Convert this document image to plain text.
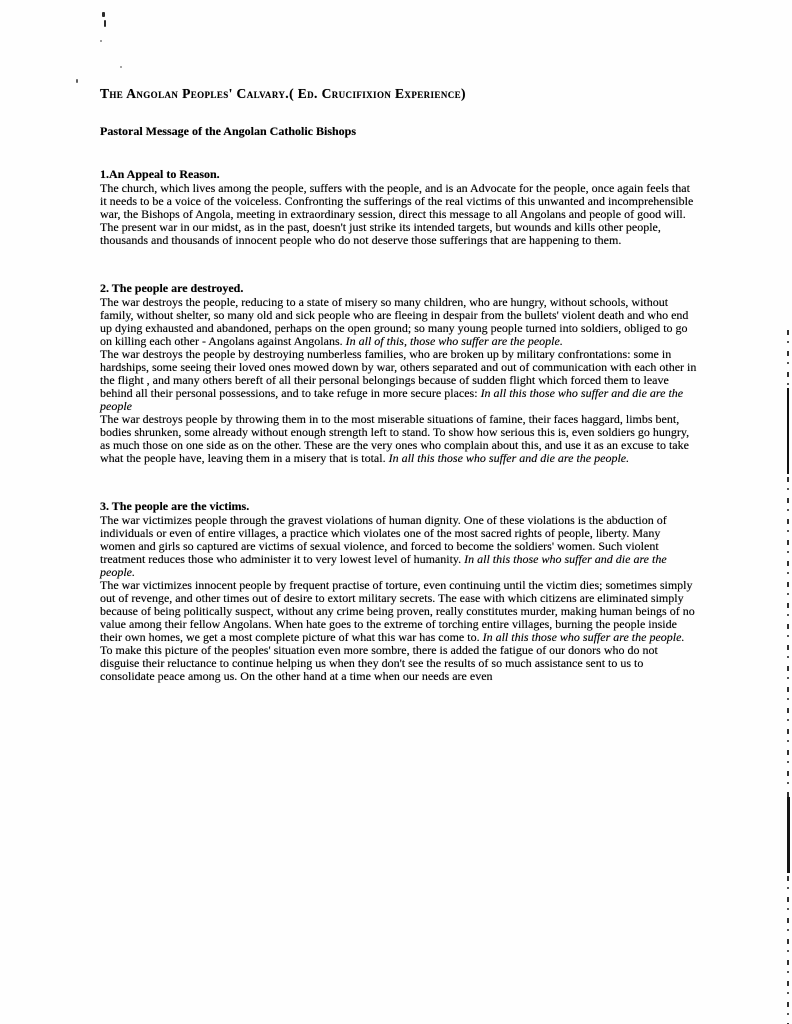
The Angolan Peoples' Calvary.( Ed. Crucifixion Experience)
Pastoral Message of the Angolan Catholic Bishops
1.An Appeal to Reason.

The church, which lives among the people, suffers with the people, and is an Advocate for the people, once again feels that it needs to be a voice of the voiceless. Confronting the sufferings of the real victims of this unwanted and incomprehensible war, the Bishops of Angola, meeting in extraordinary session, direct this message to all Angolans and people of good will.

The present war in our midst, as in the past, doesn't just strike its intended targets, but wounds and kills other people, thousands and thousands of innocent people who do not deserve those sufferings that are happening to them.

2. The people are destroyed.

The war destroys the people, reducing to a state of misery so many children, who are hungry, without schools, without family, without shelter, so many old and sick people who are fleeing in despair from the bullets' violent death and who end up dying exhausted and abandoned, perhaps on the open ground; so many young people turned into soldiers, obliged to go on killing each other - Angolans against Angolans. In all of this, those who suffer are the people.

The war destroys the people by destroying numberless families, who are broken up by military confrontations: some in hardships, some seeing their loved ones mowed down by war, others separated and out of communication with each other in the flight , and many others bereft of all their personal belongings because of sudden flight which forced them to leave behind all their personal possessions, and to take refuge in more secure places: In all this those who suffer and die are the people

The war destroys people by throwing them in to the most miserable situations of famine, their faces haggard, limbs bent, bodies shrunken, some already without enough strength left to stand. To show how serious this is, even soldiers go hungry, as much those on one side as on the other. These are the very ones who complain about this, and use it as an excuse to take what the people have, leaving them in a misery that is total. In all this those who suffer and die are the people.

3. The people are the victims.

The war victimizes people through the gravest violations of human dignity. One of these violations is the abduction of individuals or even of entire villages, a practice which violates one of the most sacred rights of people, liberty. Many women and girls so captured are victims of sexual violence, and forced to become the soldiers' women. Such violent treatment reduces those who administer it to very lowest level of humanity. In all this those who suffer and die are the people.

The war victimizes innocent people by frequent practise of torture, even continuing until the victim dies; sometimes simply out of revenge, and other times out of desire to extort military secrets. The ease with which citizens are eliminated simply because of being politically suspect, without any crime being proven, really constitutes murder, making human beings of no value among their fellow Angolans. When hate goes to the extreme of torching entire villages, burning the people inside their own homes, we get a most complete picture of what this war has come to. In all this those who suffer are the people.

To make this picture of the peoples' situation even more sombre, there is added the fatigue of our donors who do not disguise their reluctance to continue helping us when they don't see the results of so much assistance sent to us to consolidate peace among us. On the other hand at a time when our needs are even
